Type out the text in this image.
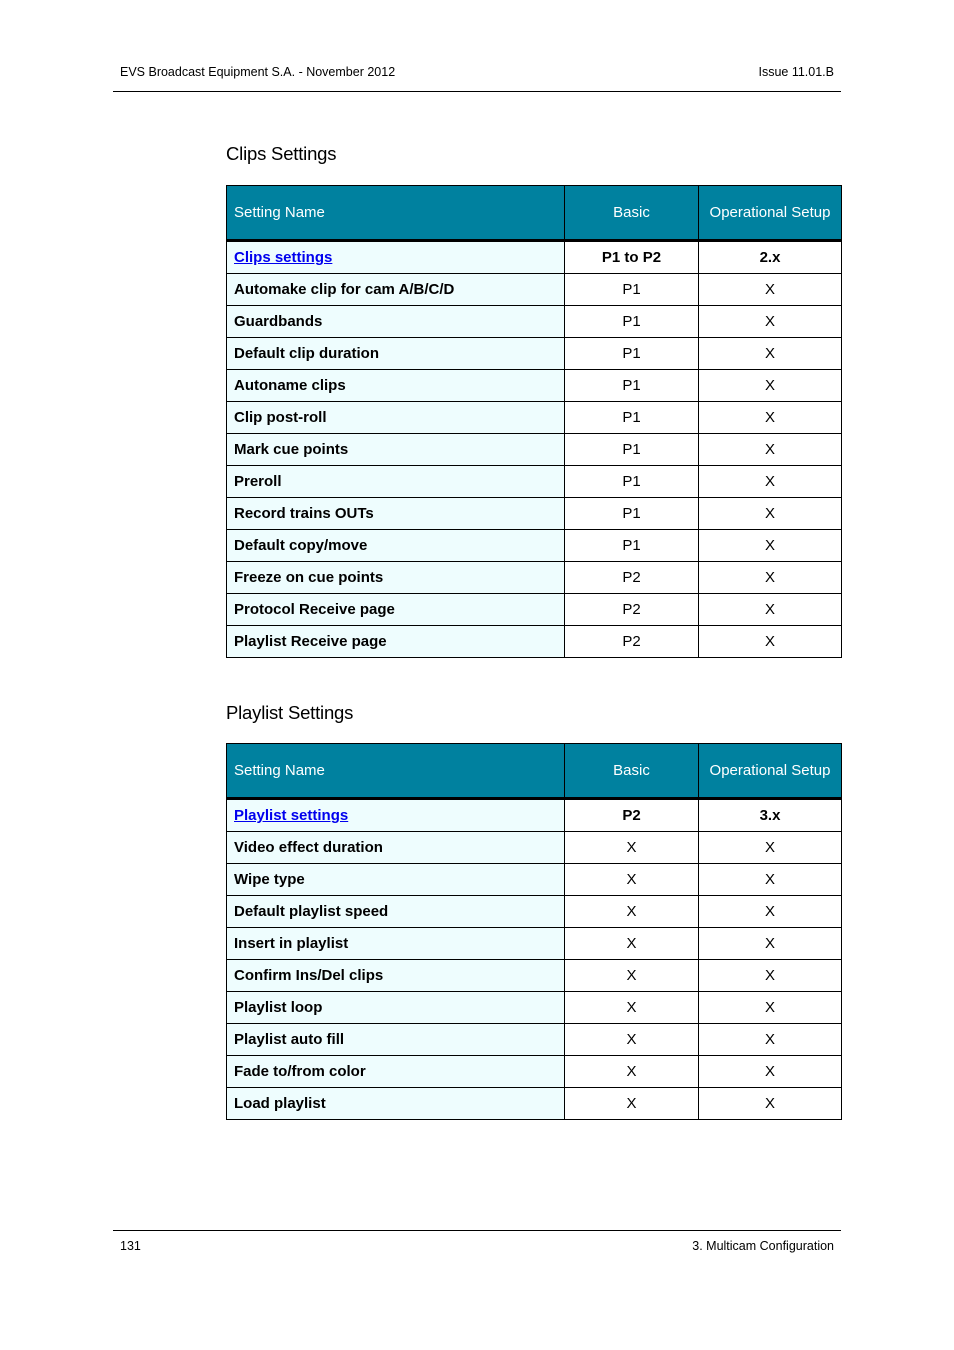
EVS Broadcast Equipment S.A. - November 2012	Issue 11.01.B
Clips Settings
Setting Name	Basic	Operational Setup
Clips settings	P1 to P2	2.x
Automake clip for cam A/B/C/D	P1	X
Guardbands	P1	X
Default clip duration	P1	X
Autoname clips	P1	X
Clip post-roll	P1	X
Mark cue points	P1	X
Preroll	P1	X
Record trains OUTs	P1	X
Default copy/move	P1	X
Freeze on cue points	P2	X
Protocol Receive page	P2	X
Playlist Receive page	P2	X
Playlist Settings
Setting Name	Basic	Operational Setup
Playlist settings	P2	3.x
Video effect duration	X	X
Wipe type	X	X
Default playlist speed	X	X
Insert in playlist	X	X
Confirm Ins/Del clips	X	X
Playlist loop	X	X
Playlist auto fill	X	X
Fade to/from color	X	X
Load playlist	X	X
131	3. Multicam Configuration
